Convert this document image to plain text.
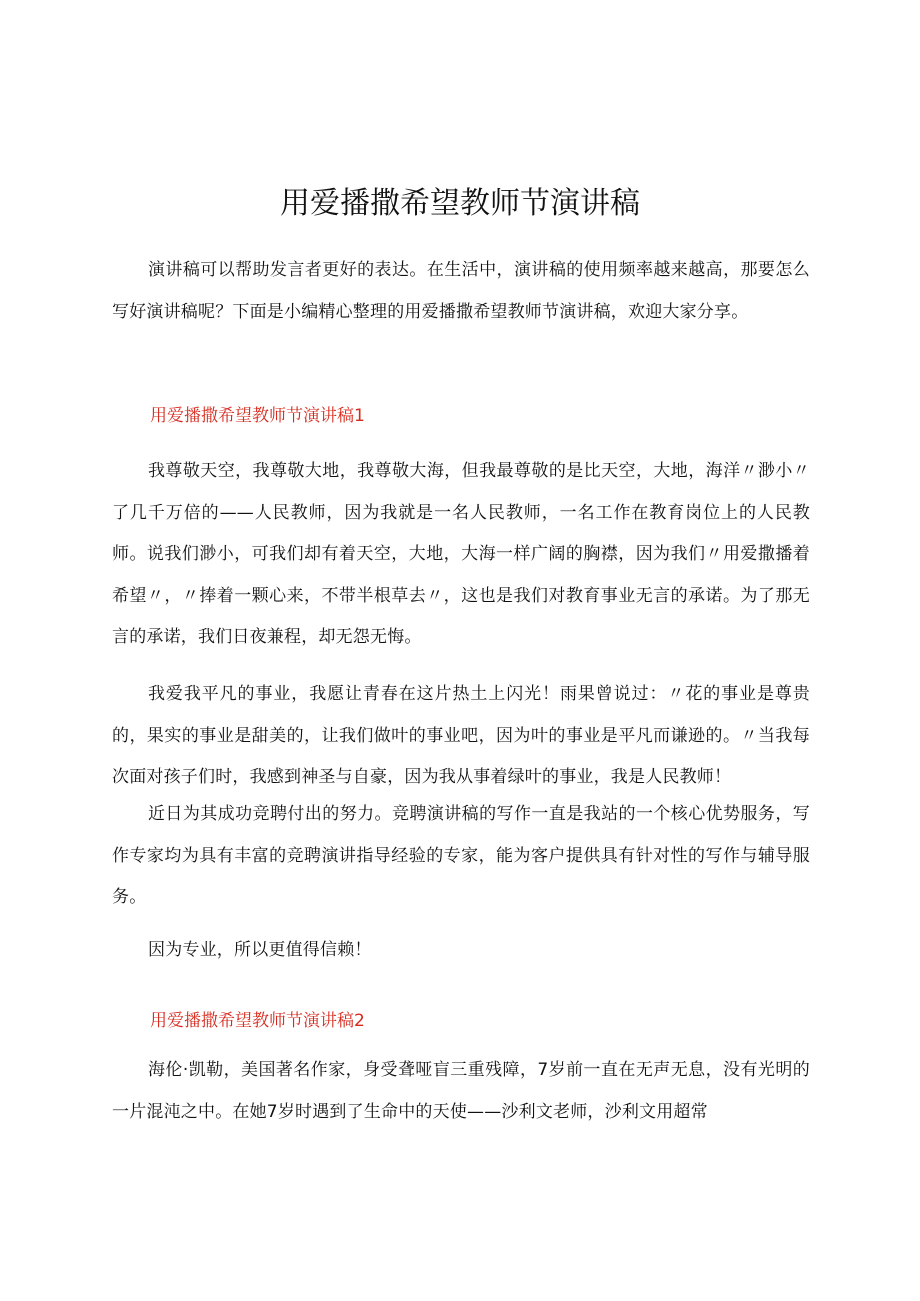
用爱播撒希望教师节演讲稿

演讲稿可以帮助发言者更好的表达。在生活中，演讲稿的使用频率越来越高，那要怎么写好演讲稿呢？下面是小编精心整理的用爱播撒希望教师节演讲稿，欢迎大家分享。

用爱播撒希望教师节演讲稿1

我尊敬天空，我尊敬大地，我尊敬大海，但我最尊敬的是比天空，大地，海洋〃渺小〃了几千万倍的——人民教师，因为我就是一名人民教师，一名工作在教育岗位上的人民教师。说我们渺小，可我们却有着天空，大地，大海一样广阔的胸襟，因为我们〃用爱撒播着希望〃，〃捧着一颗心来，不带半根草去〃，这也是我们对教育事业无言的承诺。为了那无言的承诺，我们日夜兼程，却无怨无悔。

我爱我平凡的事业，我愿让青春在这片热土上闪光！雨果曾说过：〃花的事业是尊贵的，果实的事业是甜美的，让我们做叶的事业吧，因为叶的事业是平凡而谦逊的。〃当我每次面对孩子们时，我感到神圣与自豪，因为我从事着绿叶的事业，我是人民教师！

近日为其成功竞聘付出的努力。竞聘演讲稿的写作一直是我站的一个核心优势服务，写作专家均为具有丰富的竞聘演讲指导经验的专家，能为客户提供具有针对性的写作与辅导服务。

因为专业，所以更值得信赖！

用爱播撒希望教师节演讲稿2

海伦·凯勒，美国著名作家，身受聋哑盲三重残障，7岁前一直在无声无息，没有光明的一片混沌之中。在她7岁时遇到了生命中的天使——沙利文老师，沙利文用超常
